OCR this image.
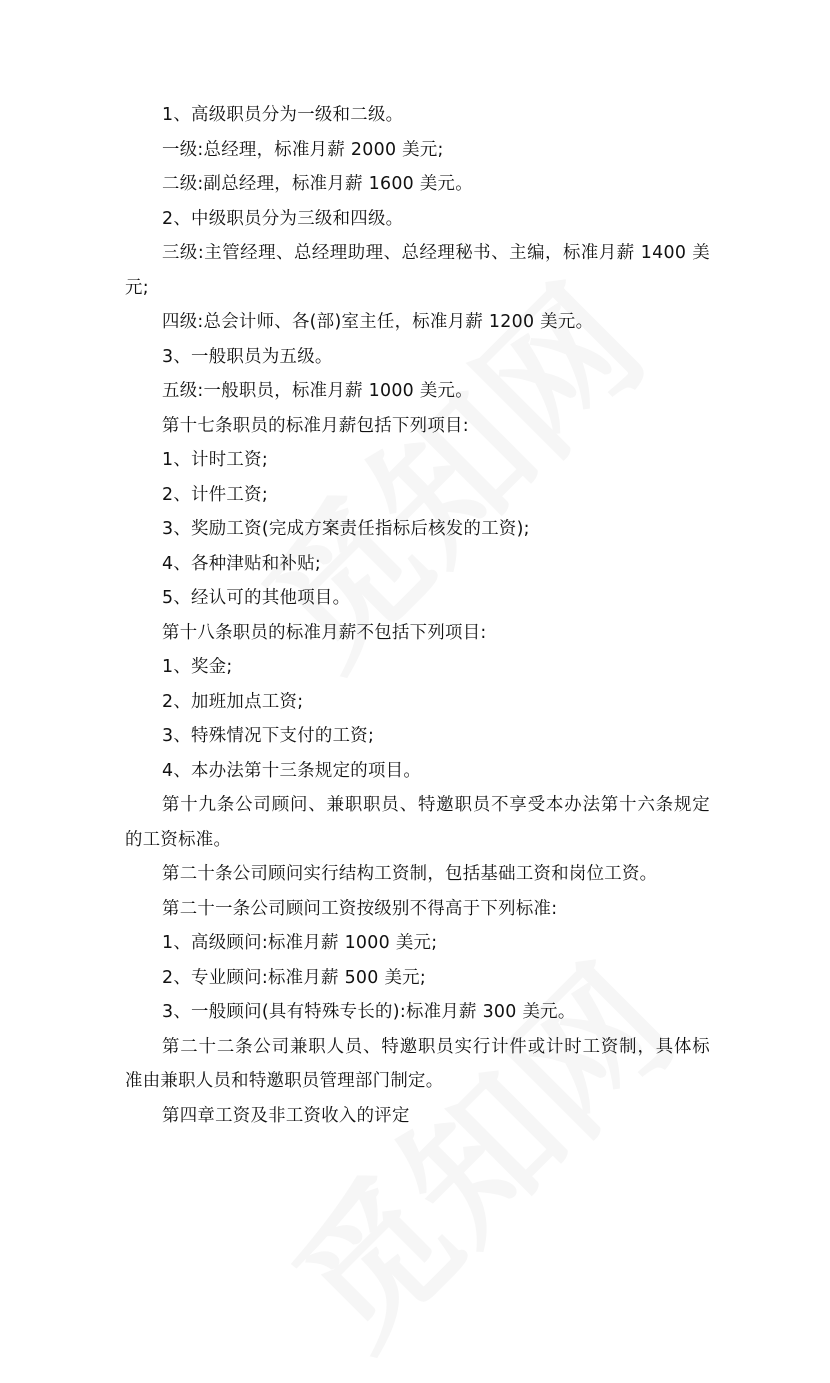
1、高级职员分为一级和二级。

一级:总经理，标准月薪 2000 美元;

二级:副总经理，标准月薪 1600 美元。

2、中级职员分为三级和四级。

三级:主管经理、总经理助理、总经理秘书、主编，标准月薪 1400 美元;

四级:总会计师、各(部)室主任，标准月薪 1200 美元。

3、一般职员为五级。

五级:一般职员，标准月薪 1000 美元。

第十七条职员的标准月薪包括下列项目:

1、计时工资;

2、计件工资;

3、奖励工资(完成方案责任指标后核发的工资);

4、各种津贴和补贴;

5、经认可的其他项目。

第十八条职员的标准月薪不包括下列项目:

1、奖金;

2、加班加点工资;

3、特殊情况下支付的工资;

4、本办法第十三条规定的项目。

第十九条公司顾问、兼职职员、特邀职员不享受本办法第十六条规定的工资标准。

第二十条公司顾问实行结构工资制，包括基础工资和岗位工资。

第二十一条公司顾问工资按级别不得高于下列标准:

1、高级顾问:标准月薪 1000 美元;

2、专业顾问:标准月薪 500 美元;

3、一般顾问(具有特殊专长的):标准月薪 300 美元。

第二十二条公司兼职人员、特邀职员实行计件或计时工资制，具体标准由兼职人员和特邀职员管理部门制定。

第四章工资及非工资收入的评定
